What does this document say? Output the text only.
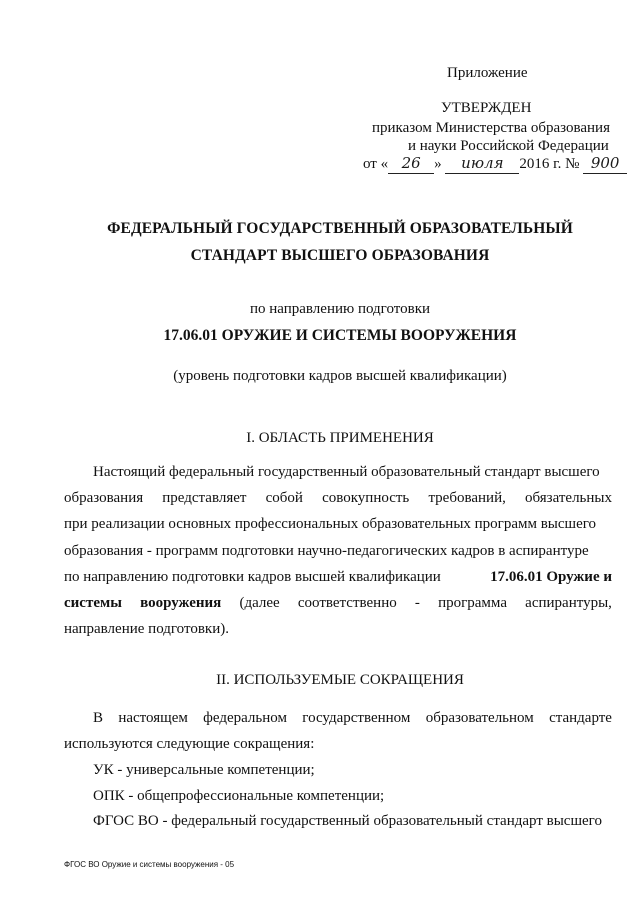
Приложение
УТВЕРЖДЕН
приказом Министерства образования
и науки Российской Федерации
от « 26 » июля 2016 г. № 900
ФЕДЕРАЛЬНЫЙ ГОСУДАРСТВЕННЫЙ ОБРАЗОВАТЕЛЬНЫЙ
СТАНДАРТ ВЫСШЕГО ОБРАЗОВАНИЯ
по направлению подготовки
17.06.01 ОРУЖИЕ И СИСТЕМЫ ВООРУЖЕНИЯ
(уровень подготовки кадров высшей квалификации)
I. ОБЛАСТЬ ПРИМЕНЕНИЯ
Настоящий федеральный государственный образовательный стандарт высшего
образования представляет собой совокупность требований, обязательных
при реализации основных профессиональных образовательных программ высшего
образования - программ подготовки научно-педагогических кадров в аспирантуре
по направлению подготовки кадров высшей квалификации	17.06.01 Оружие и
системы вооружения (далее соответственно - программа аспирантуры,
направление подготовки).
II. ИСПОЛЬЗУЕМЫЕ СОКРАЩЕНИЯ
В настоящем федеральном государственном образовательном стандарте
используются следующие сокращения:
УК - универсальные компетенции;
ОПК - общепрофессиональные компетенции;
ФГОС ВО - федеральный государственный образовательный стандарт высшего
ФГОС ВО Оружие и системы вооружения - 05
